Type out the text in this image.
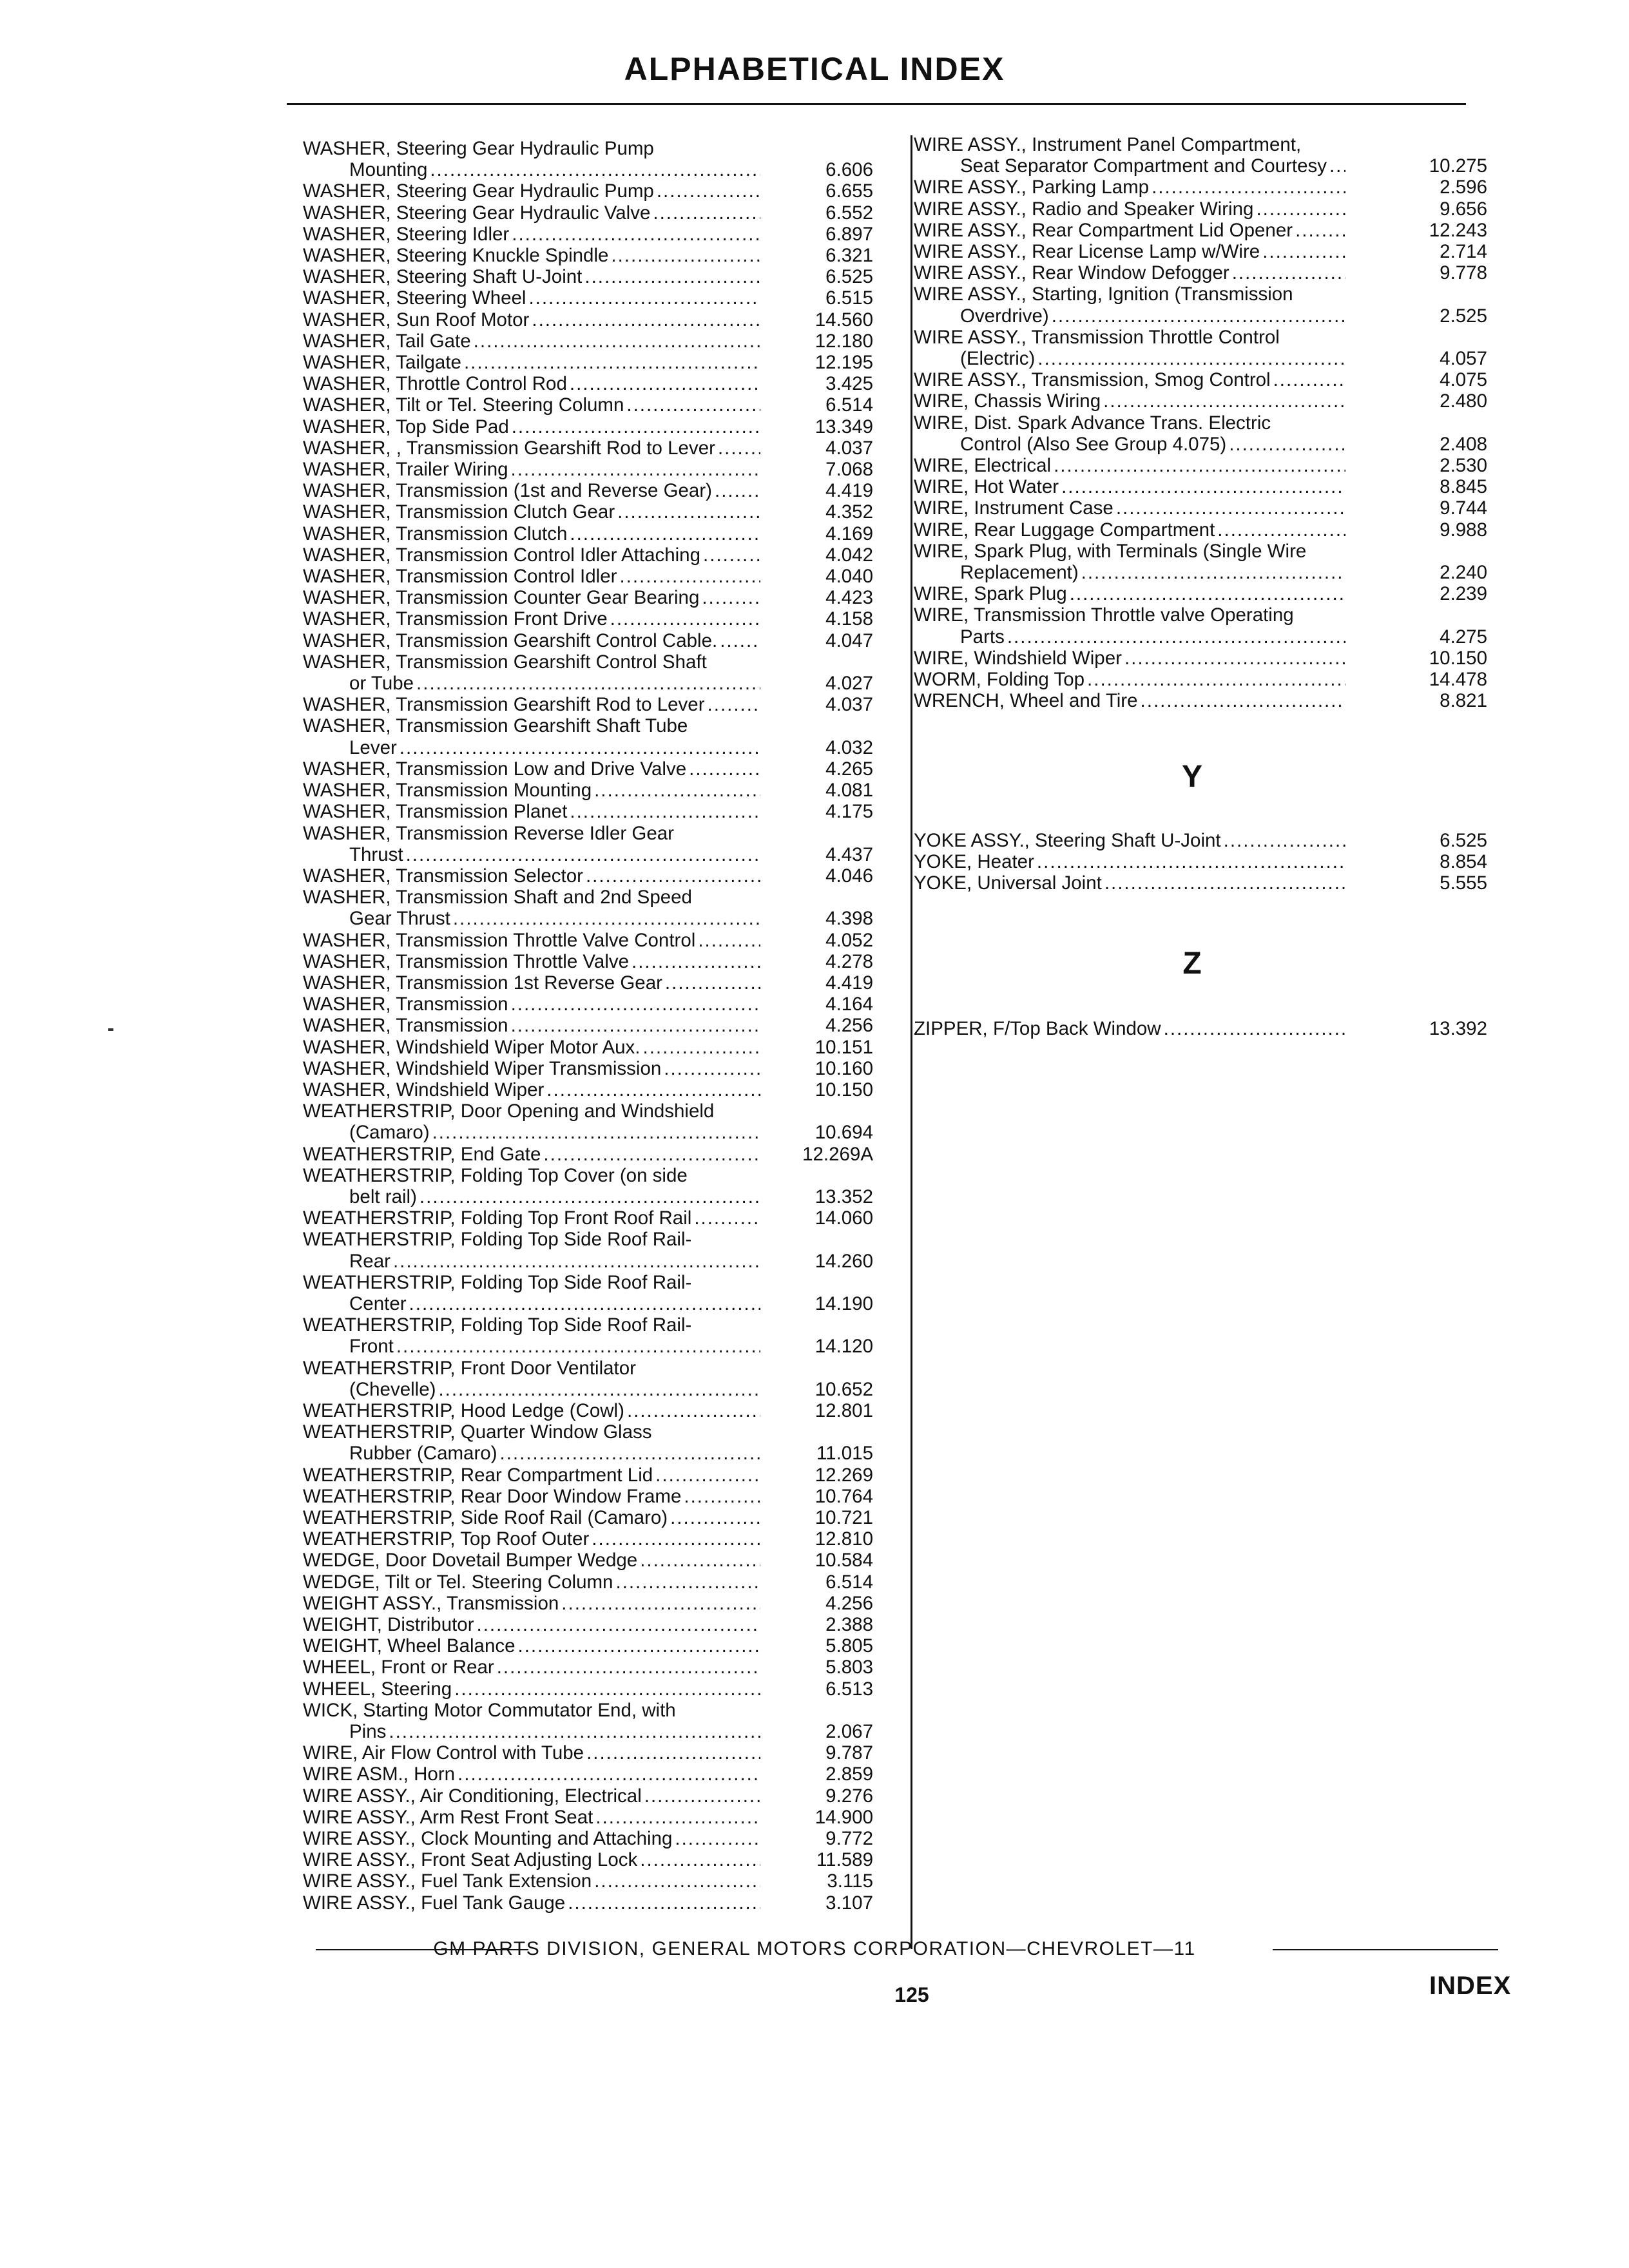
ALPHABETICAL INDEX
WASHER, Steering Gear Hydraulic Pump
Mounting .....	6.606
WASHER, Steering Gear Hydraulic Pump .....	6.655
WASHER, Steering Gear Hydraulic Valve .....	6.552
WASHER, Steering Idler .....	6.897
WASHER, Steering Knuckle Spindle .....	6.321
WASHER, Steering Shaft U-Joint .....	6.525
WASHER, Steering Wheel .....	6.515
WASHER, Sun Roof Motor .....	14.560
WASHER, Tail Gate .....	12.180
WASHER, Tailgate .....	12.195
WASHER, Throttle Control Rod .....	3.425
WASHER, Tilt or Tel. Steering Column .....	6.514
WASHER, Top Side Pad .....	13.349
WASHER, , Transmission Gearshift Rod to Lever .....	4.037
WASHER, Trailer Wiring .....	7.068
WASHER, Transmission (1st and Reverse Gear) .....	4.419
WASHER, Transmission Clutch Gear .....	4.352
WASHER, Transmission Clutch .....	4.169
WASHER, Transmission Control Idler Attaching .....	4.042
WASHER, Transmission Control Idler .....	4.040
WASHER, Transmission Counter Gear Bearing .....	4.423
WASHER, Transmission Front Drive .....	4.158
WASHER, Transmission Gearshift Control Cable. .....	4.047
WASHER, Transmission Gearshift Control Shaft
or Tube .....	4.027
WASHER, Transmission Gearshift Rod to Lever .....	4.037
WASHER, Transmission Gearshift Shaft Tube
Lever .....	4.032
WASHER, Transmission Low and Drive Valve .....	4.265
WASHER, Transmission Mounting .....	4.081
WASHER, Transmission Planet .....	4.175
WASHER, Transmission Reverse Idler Gear
Thrust .....	4.437
WASHER, Transmission Selector .....	4.046
WASHER, Transmission Shaft and 2nd Speed
Gear Thrust .....	4.398
WASHER, Transmission Throttle Valve Control .....	4.052
WASHER, Transmission Throttle Valve .....	4.278
WASHER, Transmission 1st Reverse Gear .....	4.419
WASHER, Transmission .....	4.164
WASHER, Transmission .....	4.256
WASHER, Windshield Wiper Motor Aux. .....	10.151
WASHER, Windshield Wiper Transmission .....	10.160
WASHER, Windshield Wiper .....	10.150
WEATHERSTRIP, Door Opening and Windshield
(Camaro) .....	10.694
WEATHERSTRIP, End Gate .....	12.269A
WEATHERSTRIP, Folding Top Cover (on side
belt rail) .....	13.352
WEATHERSTRIP, Folding Top Front Roof Rail .....	14.060
WEATHERSTRIP, Folding Top Side Roof Rail-
Rear .....	14.260
WEATHERSTRIP, Folding Top Side Roof Rail-
Center .....	14.190
WEATHERSTRIP, Folding Top Side Roof Rail-
Front .....	14.120
WEATHERSTRIP, Front Door Ventilator
(Chevelle) .....	10.652
WEATHERSTRIP, Hood Ledge (Cowl) .....	12.801
WEATHERSTRIP, Quarter Window Glass
Rubber (Camaro) .....	11.015
WEATHERSTRIP, Rear Compartment Lid .....	12.269
WEATHERSTRIP, Rear Door Window Frame .....	10.764
WEATHERSTRIP, Side Roof Rail (Camaro) .....	10.721
WEATHERSTRIP, Top Roof Outer .....	12.810
WEDGE, Door Dovetail Bumper Wedge .....	10.584
WEDGE, Tilt or Tel. Steering Column .....	6.514
WEIGHT ASSY., Transmission .....	4.256
WEIGHT, Distributor .....	2.388
WEIGHT, Wheel Balance .....	5.805
WHEEL, Front or Rear .....	5.803
WHEEL, Steering .....	6.513
WICK, Starting Motor Commutator End, with
Pins .....	2.067
WIRE, Air Flow Control with Tube .....	9.787
WIRE ASM., Horn .....	2.859
WIRE ASSY., Air Conditioning, Electrical .....	9.276
WIRE ASSY., Arm Rest Front Seat .....	14.900
WIRE ASSY., Clock Mounting and Attaching .....	9.772
WIRE ASSY., Front Seat Adjusting Lock .....	11.589
WIRE ASSY., Fuel Tank Extension .....	3.115
WIRE ASSY., Fuel Tank Gauge .....	3.107
WIRE ASSY., Instrument Panel Compartment,
Seat Separator Compartment and Courtesy .....	10.275
WIRE ASSY., Parking Lamp .....	2.596
WIRE ASSY., Radio and Speaker Wiring .....	9.656
WIRE ASSY., Rear Compartment Lid Opener .....	12.243
WIRE ASSY., Rear License Lamp w/Wire .....	2.714
WIRE ASSY., Rear Window Defogger .....	9.778
WIRE ASSY., Starting, Ignition (Transmission
Overdrive) .....	2.525
WIRE ASSY., Transmission Throttle Control
(Electric) .....	4.057
WIRE ASSY., Transmission, Smog Control .....	4.075
WIRE, Chassis Wiring .....	2.480
WIRE, Dist. Spark Advance Trans. Electric
Control (Also See Group 4.075) .....	2.408
WIRE, Electrical .....	2.530
WIRE, Hot Water .....	8.845
WIRE, Instrument Case .....	9.744
WIRE, Rear Luggage Compartment .....	9.988
WIRE, Spark Plug, with Terminals (Single Wire
Replacement) .....	2.240
WIRE, Spark Plug .....	2.239
WIRE, Transmission Throttle valve Operating
Parts .....	4.275
WIRE, Windshield Wiper .....	10.150
WORM, Folding Top .....	14.478
WRENCH, Wheel and Tire .....	8.821
Y
YOKE ASSY., Steering Shaft U-Joint .....	6.525
YOKE, Heater .....	8.854
YOKE, Universal Joint .....	5.555
Z
ZIPPER, F/Top Back Window .....	13.392
GM PARTS DIVISION, GENERAL MOTORS CORPORATION—CHEVROLET—11
125	INDEX
